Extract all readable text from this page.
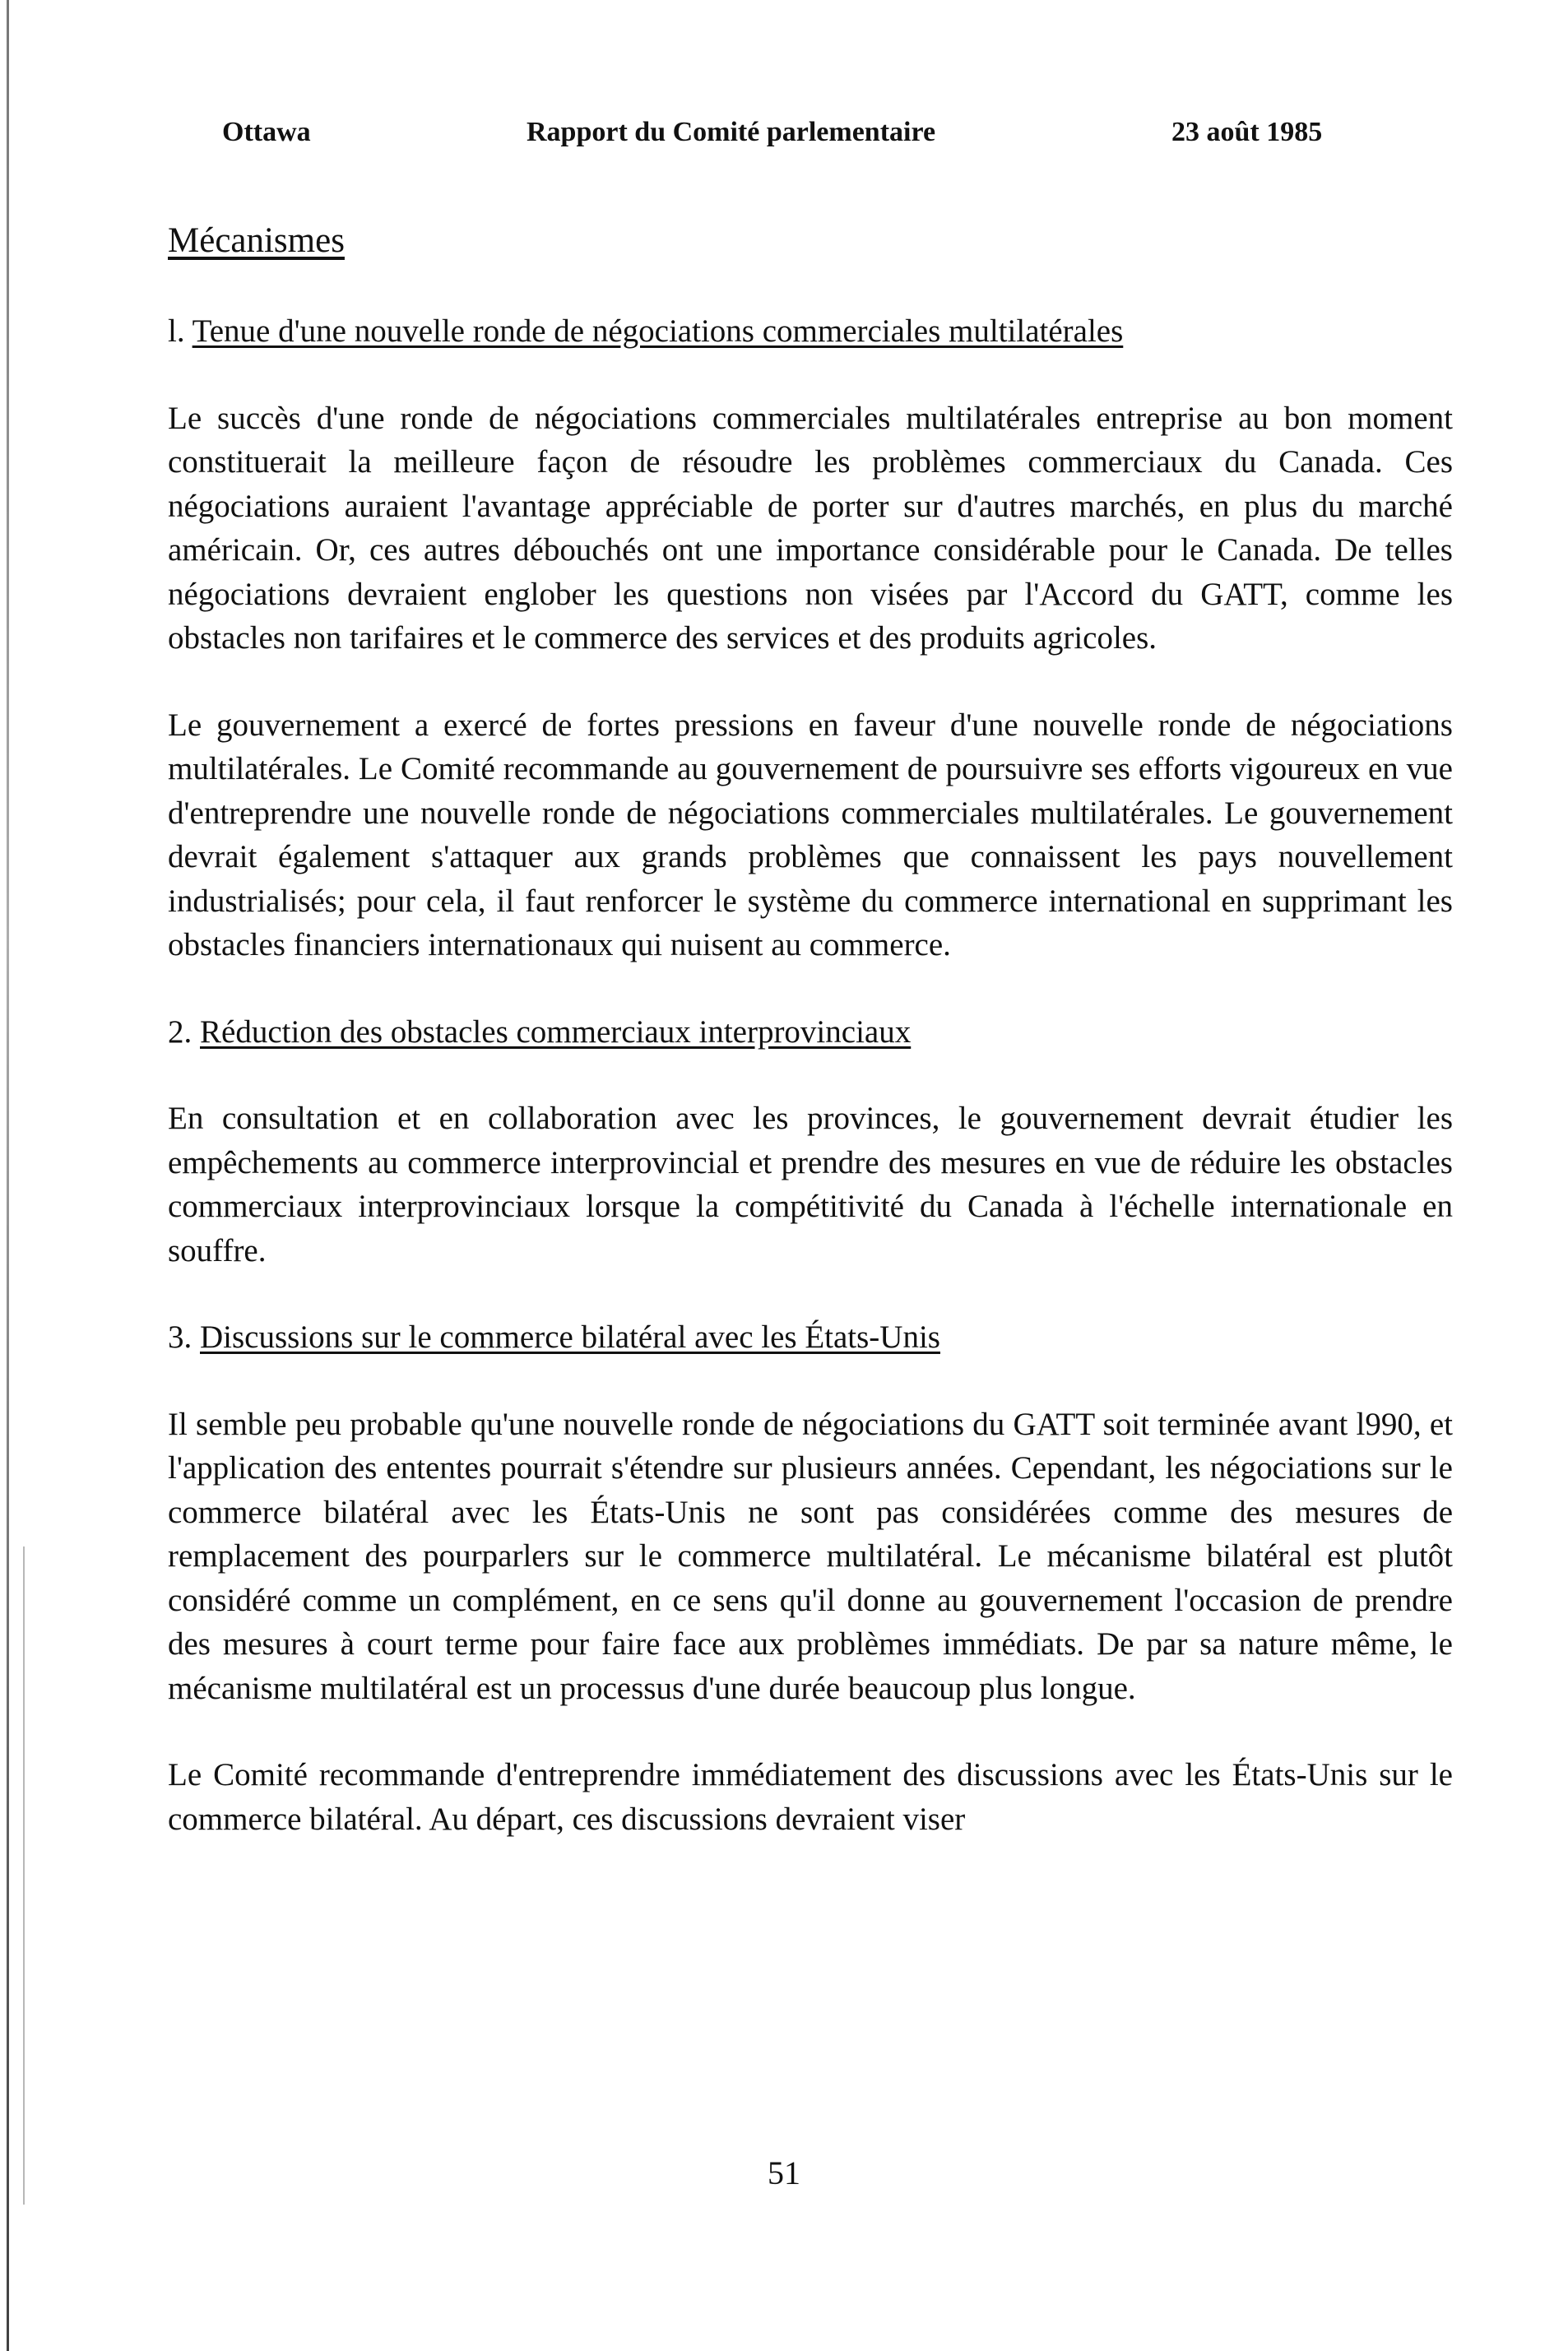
Ottawa	Rapport du Comité parlementaire	23 août 1985
Mécanismes
l. Tenue d'une nouvelle ronde de négociations commerciales multilatérales

Le succès d'une ronde de négociations commerciales multilatérales entreprise au bon moment constituerait la meilleure façon de résoudre les problèmes commerciaux du Canada. Ces négociations auraient l'avantage appréciable de porter sur d'autres marchés, en plus du marché américain. Or, ces autres débouchés ont une importance considérable pour le Canada. De telles négociations devraient englober les questions non visées par l'Accord du GATT, comme les obstacles non tarifaires et le commerce des services et des produits agricoles.

Le gouvernement a exercé de fortes pressions en faveur d'une nouvelle ronde de négociations multilatérales. Le Comité recommande au gouvernement de poursuivre ses efforts vigoureux en vue d'entreprendre une nouvelle ronde de négociations commerciales multilatérales. Le gouvernement devrait également s'attaquer aux grands problèmes que connaissent les pays nouvellement industrialisés; pour cela, il faut renforcer le système du commerce international en supprimant les obstacles financiers internationaux qui nuisent au commerce.

2. Réduction des obstacles commerciaux interprovinciaux

En consultation et en collaboration avec les provinces, le gouvernement devrait étudier les empêchements au commerce interprovincial et prendre des mesures en vue de réduire les obstacles commerciaux interprovinciaux lorsque la compétitivité du Canada à l'échelle internationale en souffre.

3. Discussions sur le commerce bilatéral avec les États-Unis

Il semble peu probable qu'une nouvelle ronde de négociations du GATT soit terminée avant l990, et l'application des ententes pourrait s'étendre sur plusieurs années. Cependant, les négociations sur le commerce bilatéral avec les États-Unis ne sont pas considérées comme des mesures de remplacement des pourparlers sur le commerce multilatéral. Le mécanisme bilatéral est plutôt considéré comme un complément, en ce sens qu'il donne au gouvernement l'occasion de prendre des mesures à court terme pour faire face aux problèmes immédiats. De par sa nature même, le mécanisme multilatéral est un processus d'une durée beaucoup plus longue.

Le Comité recommande d'entreprendre immédiatement des discussions avec les États-Unis sur le commerce bilatéral. Au départ, ces discussions devraient viser

51
